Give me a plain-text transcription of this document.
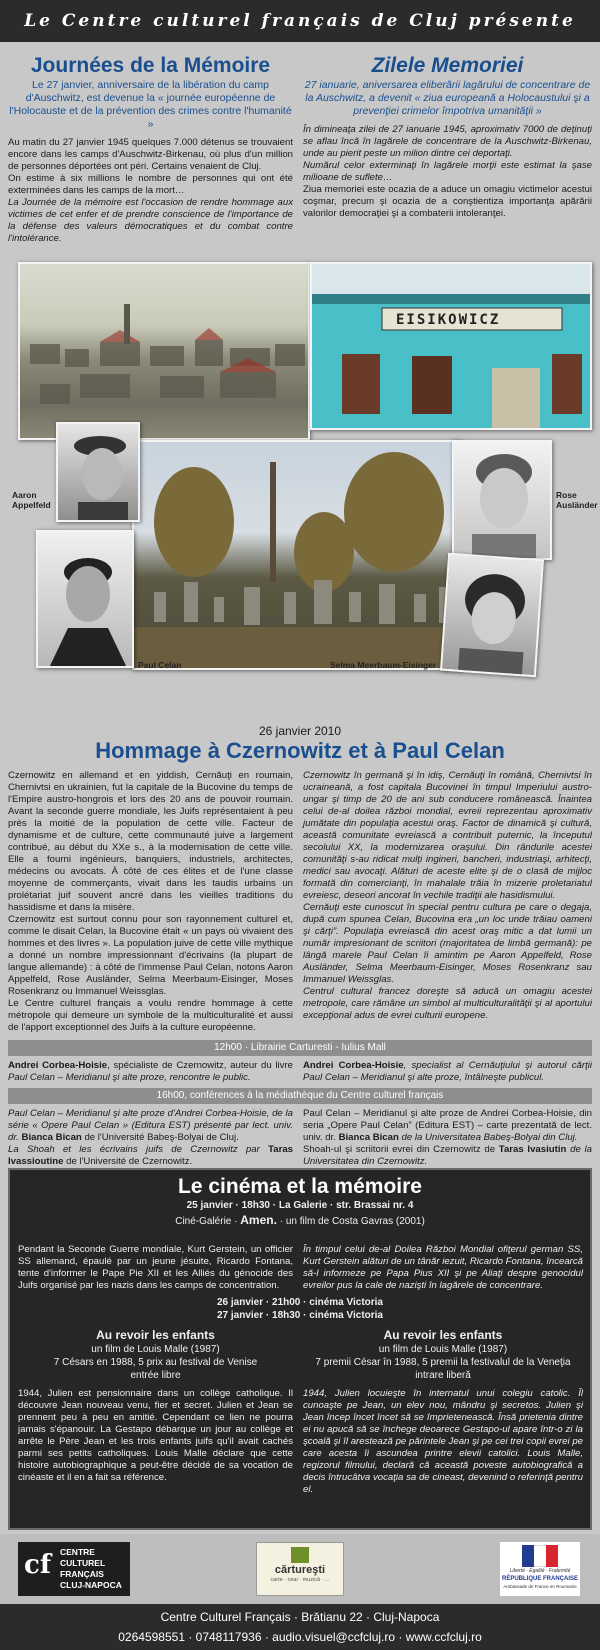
Le Centre culturel français de Cluj présente
Journées de la Mémoire
Le 27 janvier, anniversaire de la libération du camp d'Auschwitz, est devenue la « journée européenne de l'Holocauste et de la prévention des crimes contre l'humanité »
Au matin du 27 janvier 1945 quelques 7.000 détenus se trouvaient encore dans les camps d'Auschwitz-Birkenau, où plus d'un million de personnes déportées ont péri. Certains venaient de Cluj.
On estime à six millions le nombre de personnes qui ont été exterminées dans les camps de la mort…
La Journée de la mémoire est l'occasion de rendre hommage aux victimes de cet enfer et de prendre conscience de l'importance de la défense des valeurs démocratiques et du combat contre l'intolérance.
Zilele Memoriei
27 ianuarie, aniversarea eliberării lagărului de concentrare de la Auschwitz, a devenit « ziua europeană a Holocaustului şi a prevenţiei crimelor împotriva umanităţii »
În dimineaţa zilei de 27 ianuarie 1945, aproximativ 7000 de deţinuţi se aflau încă în lagărele de concentrare de la Auschwitz-Birkenau, unde au pierit peste un milion dintre cei deportaţi.
Numărul celor exterminaţi în lagărele morţii este estimat la şase milioane de suflete…
Ziua memoriei este ocazia de a aduce un omagiu victimelor acestui coşmar, precum şi ocazia de a conştientiza importanţa apărării valorilor democraţiei şi a combaterii intoleranţei.
EISIKOWICZ
Aaron
Appelfeld
Paul Celan
Rose
Ausländer
Selma Meerbaum-Eisinger
26 janvier 2010
Hommage à Czernowitz et à Paul Celan
Czernowitz en allemand et en yiddish, Cernăuţi en roumain, Chernivtsi en ukrainien, fut la capitale de la Bucovine du temps de l'Empire austro-hongrois et lors des 20 ans de pouvoir roumain. Avant la seconde guerre mondiale, les Juifs représentaient à peu près la moitié de la population de cette ville. Facteur de dynamisme et de culture, cette communauté juive a largement contribué, au début du XXe s., à la modernisation de cette ville. Elle a fourni ingénieurs, banquiers, industriels, architectes, médecins ou avocats. À côté de ces élites et de l'une classe moyenne de commerçants, vivait dans les taudis urbains un prolétariat juif souvent ancré dans les vieilles traditions du hassidisme et dans la misère.
Czernowitz est surtout connu pour son rayonnement culturel et, comme le disait Celan, la Bucovine était « un pays où vivaient des hommes et des livres ». La population juive de cette ville mythique a donné un nombre impressionnant d'écrivains (la plupart de langue allemande) : à côté de l'immense Paul Celan, notons Aaron Appelfeld, Rose Ausländer, Selma Meerbaum-Eisinger, Moses Rosenkranz ou Immanuel Weissglas.
Le Centre culturel français a voulu rendre hommage à cette métropole qui demeure un symbole de la multiculturalité et aussi de l'apport exceptionnel des Juifs à la culture européenne.
Czernowitz în germană şi în idiş, Cernăuţi în română, Chernivtsi în ucraineană, a fost capitala Bucovinei în timpul Imperiului austro-ungar şi timp de 20 de ani sub conducere românească. Înaintea celui de-al doilea război mondial, evreii reprezentau aproximativ jumătate din populaţia acestui oraş. Factor de dinamică şi cultură, această comunitate evreiască a contribuit puternic, la începutul secolului XX, la modernizarea oraşului. Din rândurile acestei comunităţi s-au ridicat mulţi ingineri, bancheri, industriaşi, arhitecţi, medici sau avocaţi. Alături de aceste elite şi de o clasă de mijloc formată din comercianţi, în mahalale trăia în mizerie proletariatul evreiesc, deseori ancorat în vechile tradiţii ale hasidismului.
Cernăuţi este cunoscut în special pentru cultura pe care o degaja, după cum spunea Celan, Bucovina era „un loc unde trăiau oameni şi cărţi”. Populaţia evreiască din acest oraş mitic a dat lumii un număr impresionant de scriitori (majoritatea de limbă germană): pe lângă marele Paul Celan îi amintim pe Aaron Appelfeld, Rose Ausländer, Selma Meerbaum-Eisinger, Moses Rosenkranz sau Immanuel Weissglas.
Centrul cultural francez doreşte să aducă un omagiu acestei metropole, care rămâne un simbol al multiculturalităţii şi al aportului excepţional adus de evrei culturii europene.
12h00 · Librairie Carturesti - Iulius Mall
Andrei Corbea-Hoisie, spécialiste de Czernowitz, auteur du livre Paul Celan – Meridianul şi alte proze, rencontre le public.
Andrei Corbea-Hoisie, specialist al Cernăuţiului şi autorul cărţii Paul Celan – Meridianul şi alte proze, întâlneşte publicul.
16h00, conférences à la médiathèque du Centre culturel français
Paul Celan – Meridianul şi alte proze d'Andrei Corbea-Hoisie, de la série « Opere Paul Celan » (Editura EST) présenté par lect. univ. dr. Bianca Bican de l'Université Babeş-Bolyai de Cluj.
La Shoah et les écrivains juifs de Czernowitz par Taras Ivassioutine de l'Université de Czernowitz.
Paul Celan – Meridianul şi alte proze de Andrei Corbea-Hoisie, din seria „Opere Paul Celan” (Editura EST) – carte prezentată de lect. univ. dr. Bianca Bican de la Universitatea Babeş-Bolyai din Cluj.
Shoah-ul şi scriitorii evrei din Czernowitz de Taras Ivasiutin de la Universitatea din Czernowitz.
Le cinéma et la mémoire
25 janvier · 18h30 · La Galerie · str. Brassai nr. 4
Ciné-Galérie · Amen. · un film de Costa Gavras (2001)
Pendant la Seconde Guerre mondiale, Kurt Gerstein, un officier SS allemand, épaulé par un jeune jésuite, Ricardo Fontana, tente d'informer le Pape Pie XII et les Alliés du génocide des Juifs organisé par les nazis dans les camps de concentration.
În timpul celui de-al Doilea Război Mondial ofiţerul german SS, Kurt Gerstein alături de un tânăr iezuit, Ricardo Fontana, încearcă să-l informeze pe Papa Pius XII şi pe Aliaţi despre genocidul evreilor pus la cale de nazişti în lagărele de concentrare.
26 janvier · 21h00 · cinéma Victoria
27 janvier · 18h30 · cinéma Victoria
Au revoir les enfants
un film de Louis Malle (1987)
7 Césars en 1988, 5 prix au festival de Venise
entrée libre
1944, Julien est pensionnaire dans un collège catholique. Il découvre Jean nouveau venu, fier et secret. Julien et Jean se prennent peu à peu en amitié. Cependant ce lien ne pourra jamais s'épanouir. La Gestapo débarque un jour au collège et arrête le Père Jean et les trois enfants juifs qu'il avait cachés parmi ses petits catholiques. Louis Malle déclare que cette histoire autobiographique a peut-être décidé de sa vocation de cinéaste et il en a fait sa référence.
Au revoir les enfants
un film de Louis Malle (1987)
7 premii César în 1988, 5 premii la festivalul de la Veneţia
intrare liberă
1944, Julien locuieşte în internatul unui colegiu catolic. Îl cunoaşte pe Jean, un elev nou, mândru şi secretos. Julien şi Jean încep încet încet să se împrietenească. Însă prietenia dintre ei nu apucă să se închege deoarece Gestapo-ul apare într-o zi la şcoală şi îl arestează pe părintele Jean şi pe cei trei copii evrei pe care acesta îi ascundea printre elevii catolici. Louis Malle, regizorul filmului, declară că această poveste autobiografică a decis întrucâtva vocaţia sa de cineast, devenind o referinţă pentru el.
cf CENTRE
CULTUREL
FRANÇAIS
CLUJ-NAPOCA
cărtureşti
carte · ceai · muzică · ...
Liberté · Égalité · Fraternité
RÉPUBLIQUE FRANÇAISE
Ambassade de France en Roumanie
Centre Culturel Français · Brătianu 22 · Cluj-Napoca
0264598551 · 0748117936 · audio.visuel@ccfcluj.ro · www.ccfcluj.ro
